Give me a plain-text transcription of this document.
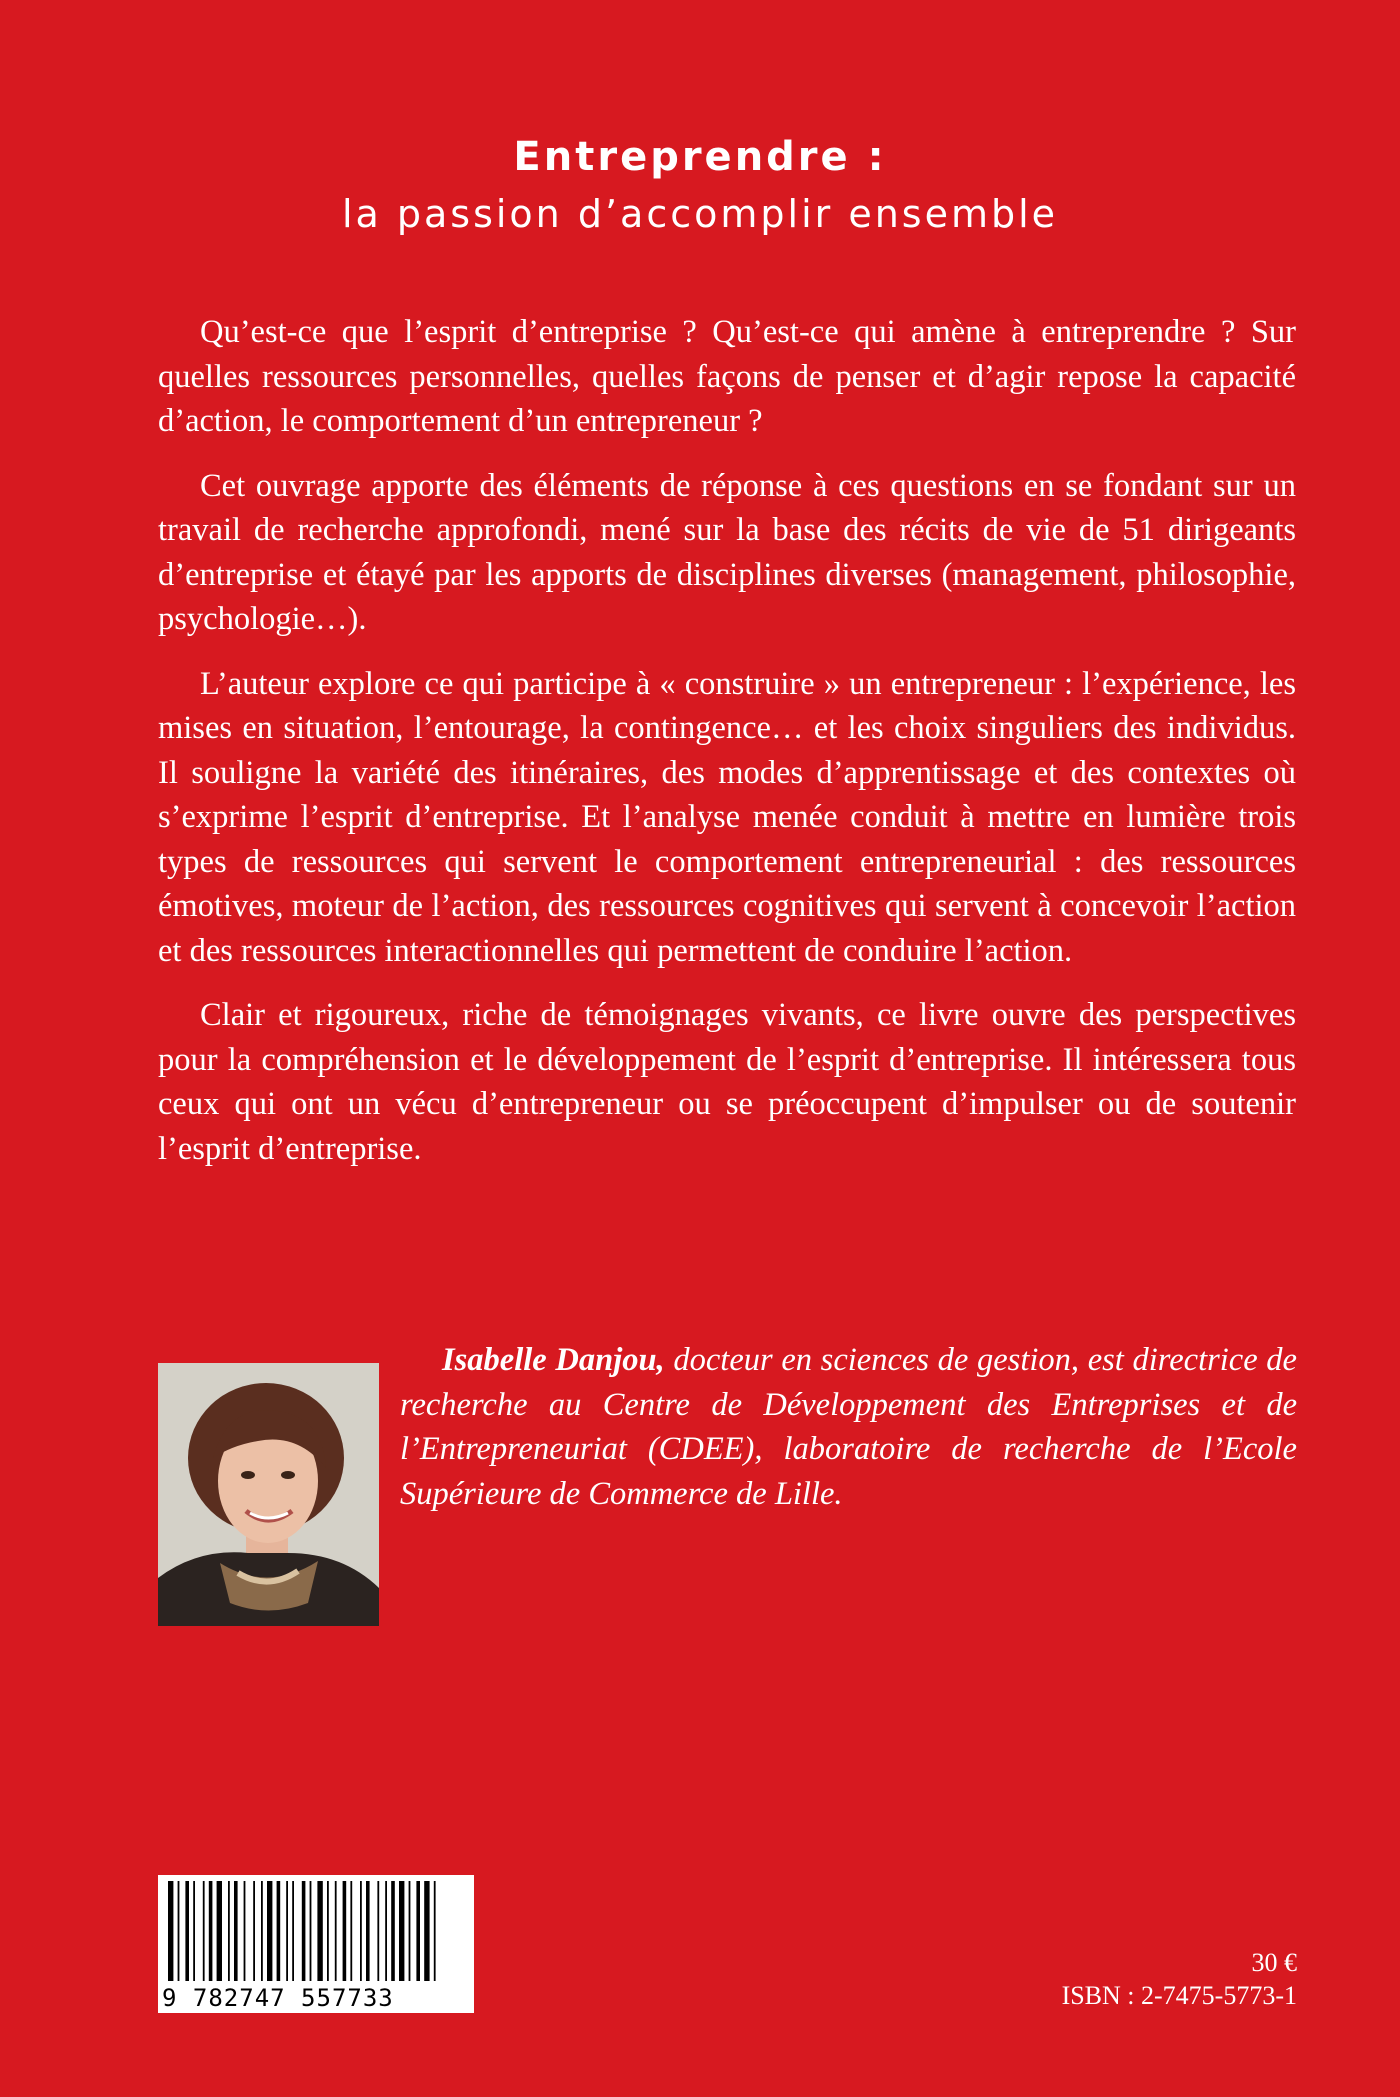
Entreprendre :
la passion d’accomplir ensemble

Qu’est-ce que l’esprit d’entreprise ? Qu’est-ce qui amène à entreprendre ? Sur quelles ressources personnelles, quelles façons de penser et d’agir repose la capacité d’action, le comportement d’un entrepreneur ?

Cet ouvrage apporte des éléments de réponse à ces questions en se fondant sur un travail de recherche approfondi, mené sur la base des récits de vie de 51 dirigeants d’entreprise et étayé par les apports de disciplines diverses (management, philosophie, psychologie…).

L’auteur explore ce qui participe à « construire » un entrepreneur : l’expérience, les mises en situation, l’entourage, la contingence… et les choix singuliers des individus. Il souligne la variété des itinéraires, des modes d’apprentissage et des contextes où s’exprime l’esprit d’entreprise. Et l’analyse menée conduit à mettre en lumière trois types de ressources qui servent le comportement entrepreneurial : des ressources émotives, moteur de l’action, des ressources cognitives qui servent à concevoir l’action et des ressources interactionnelles qui permettent de conduire l’action.

Clair et rigoureux, riche de témoignages vivants, ce livre ouvre des perspectives pour la compréhension et le développement de l’esprit d’entreprise. Il intéressera tous ceux qui ont un vécu d’entrepreneur ou se préoccupent d’impulser ou de soutenir l’esprit d’entreprise.

Isabelle Danjou, docteur en sciences de gestion, est directrice de recherche au Centre de Développement des Entreprises et de l’Entrepreneuriat (CDEE), laboratoire de recherche de l’Ecole Supérieure de Commerce de Lille.

9 782747 557733
30 €
ISBN : 2-7475-5773-1
